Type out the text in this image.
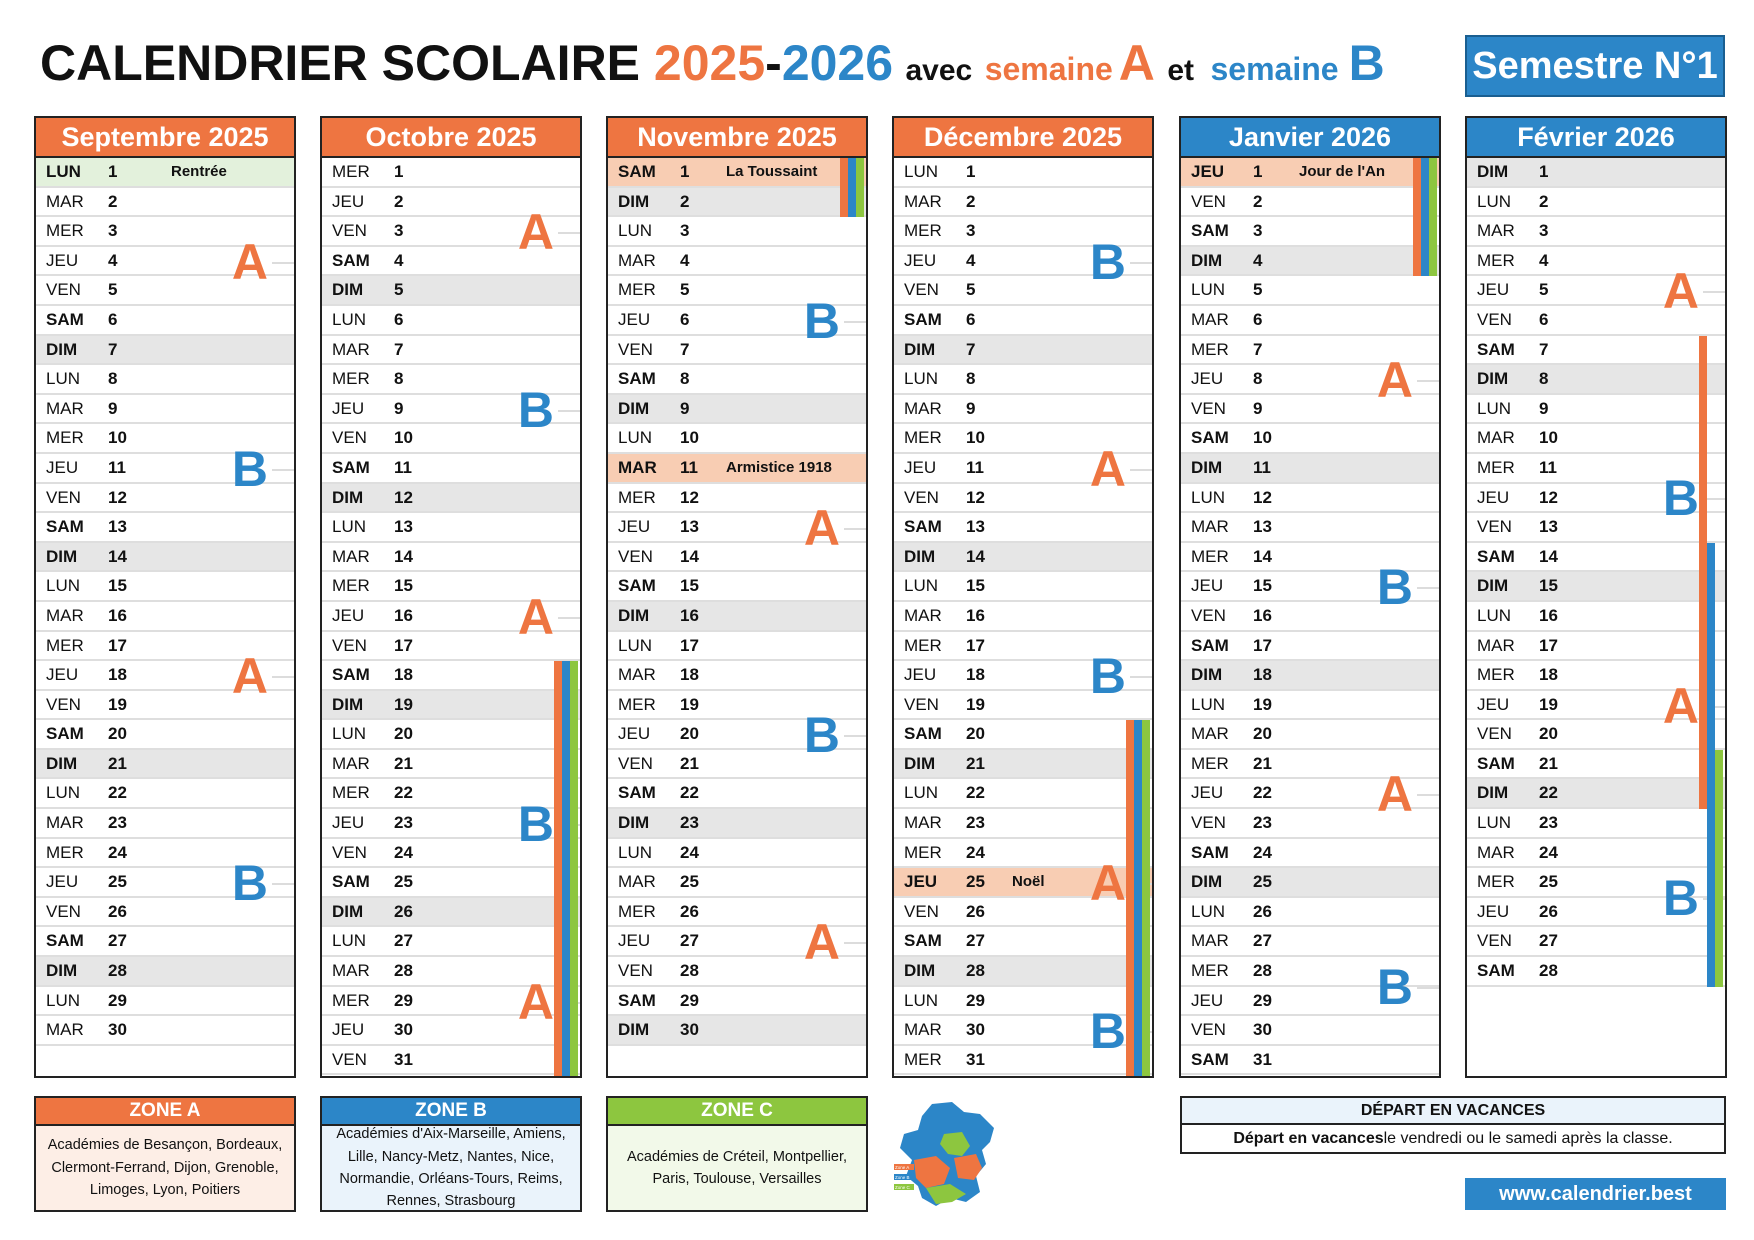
CALENDRIER SCOLAIRE 2025-2026 avec semaine A et semaine B Semestre N°1
Septembre 2025
LUN 1	Rentrée
MAR 2
MER 3
JEU 4
VEN 5
SAM 6
DIM 7
LUN 8
MAR 9
MER 10
JEU 11
VEN 12
SAM 13
DIM 14
LUN 15
MAR 16
MER 17
JEU 18
VEN 19
SAM 20
DIM 21
LUN 22
MAR 23
MER 24
JEU 25
VEN 26
SAM 27
DIM 28
LUN 29
MAR 30
A
B
A
B
Octobre 2025
MER 1
JEU 2
VEN 3
SAM 4
DIM 5
LUN 6
MAR 7
MER 8
JEU 9
VEN 10
SAM 11
DIM 12
LUN 13
MAR 14
MER 15
JEU 16
VEN 17
SAM 18
DIM 19
LUN 20
MAR 21
MER 22
JEU 23
VEN 24
SAM 25
DIM 26
LUN 27
MAR 28
MER 29
JEU 30
VEN 31
A
B
A
B
A
Novembre 2025
SAM 1 La Toussaint
DIM 2
LUN 3
MAR 4
MER 5
JEU 6
VEN 7
SAM 8
DIM 9
LUN 10
MAR 11 Armistice 1918
MER 12
JEU 13
VEN 14
SAM 15
DIM 16
LUN 17
MAR 18
MER 19
JEU 20
VEN 21
SAM 22
DIM 23
LUN 24
MAR 25
MER 26
JEU 27
VEN 28
SAM 29
DIM 30
B
A
B
A
Décembre 2025
LUN 1
MAR 2
MER 3
JEU 4
VEN 5
SAM 6
DIM 7
LUN 8
MAR 9
MER 10
JEU 11
VEN 12
SAM 13
DIM 14
LUN 15
MAR 16
MER 17
JEU 18
VEN 19
SAM 20
DIM 21
LUN 22
MAR 23
MER 24
JEU 25 Noël
VEN 26
SAM 27
DIM 28
LUN 29
MAR 30
MER 31
B
A
B
A
B
Janvier 2026
JEU 1 Jour de l'An
VEN 2
SAM 3
DIM 4
LUN 5
MAR 6
MER 7
JEU 8
VEN 9
SAM 10
DIM 11
LUN 12
MAR 13
MER 14
JEU 15
VEN 16
SAM 17
DIM 18
LUN 19
MAR 20
MER 21
JEU 22
VEN 23
SAM 24
DIM 25
LUN 26
MAR 27
MER 28
JEU 29
VEN 30
SAM 31
A
B
A
B
Février 2026
DIM 1
LUN 2
MAR 3
MER 4
JEU 5
VEN 6
SAM 7
DIM 8
LUN 9
MAR 10
MER 11
JEU 12
VEN 13
SAM 14
DIM 15
LUN 16
MAR 17
MER 18
JEU 19
VEN 20
SAM 21
DIM 22
LUN 23
MAR 24
MER 25
JEU 26
VEN 27
SAM 28
A
B
A
B
ZONE A
Académies de Besançon, Bordeaux, Clermont-Ferrand, Dijon, Grenoble, Limoges, Lyon, Poitiers
ZONE B
Académies d'Aix-Marseille, Amiens, Lille, Nancy-Metz, Nantes, Nice, Normandie, Orléans-Tours, Reims, Rennes, Strasbourg
ZONE C
Académies de Créteil, Montpellier, Paris, Toulouse, Versailles
Zone A
Zone B
Zone C
DÉPART EN VACANCES
Départ en vacances le vendredi ou le samedi après la classe.
www.calendrier.best
